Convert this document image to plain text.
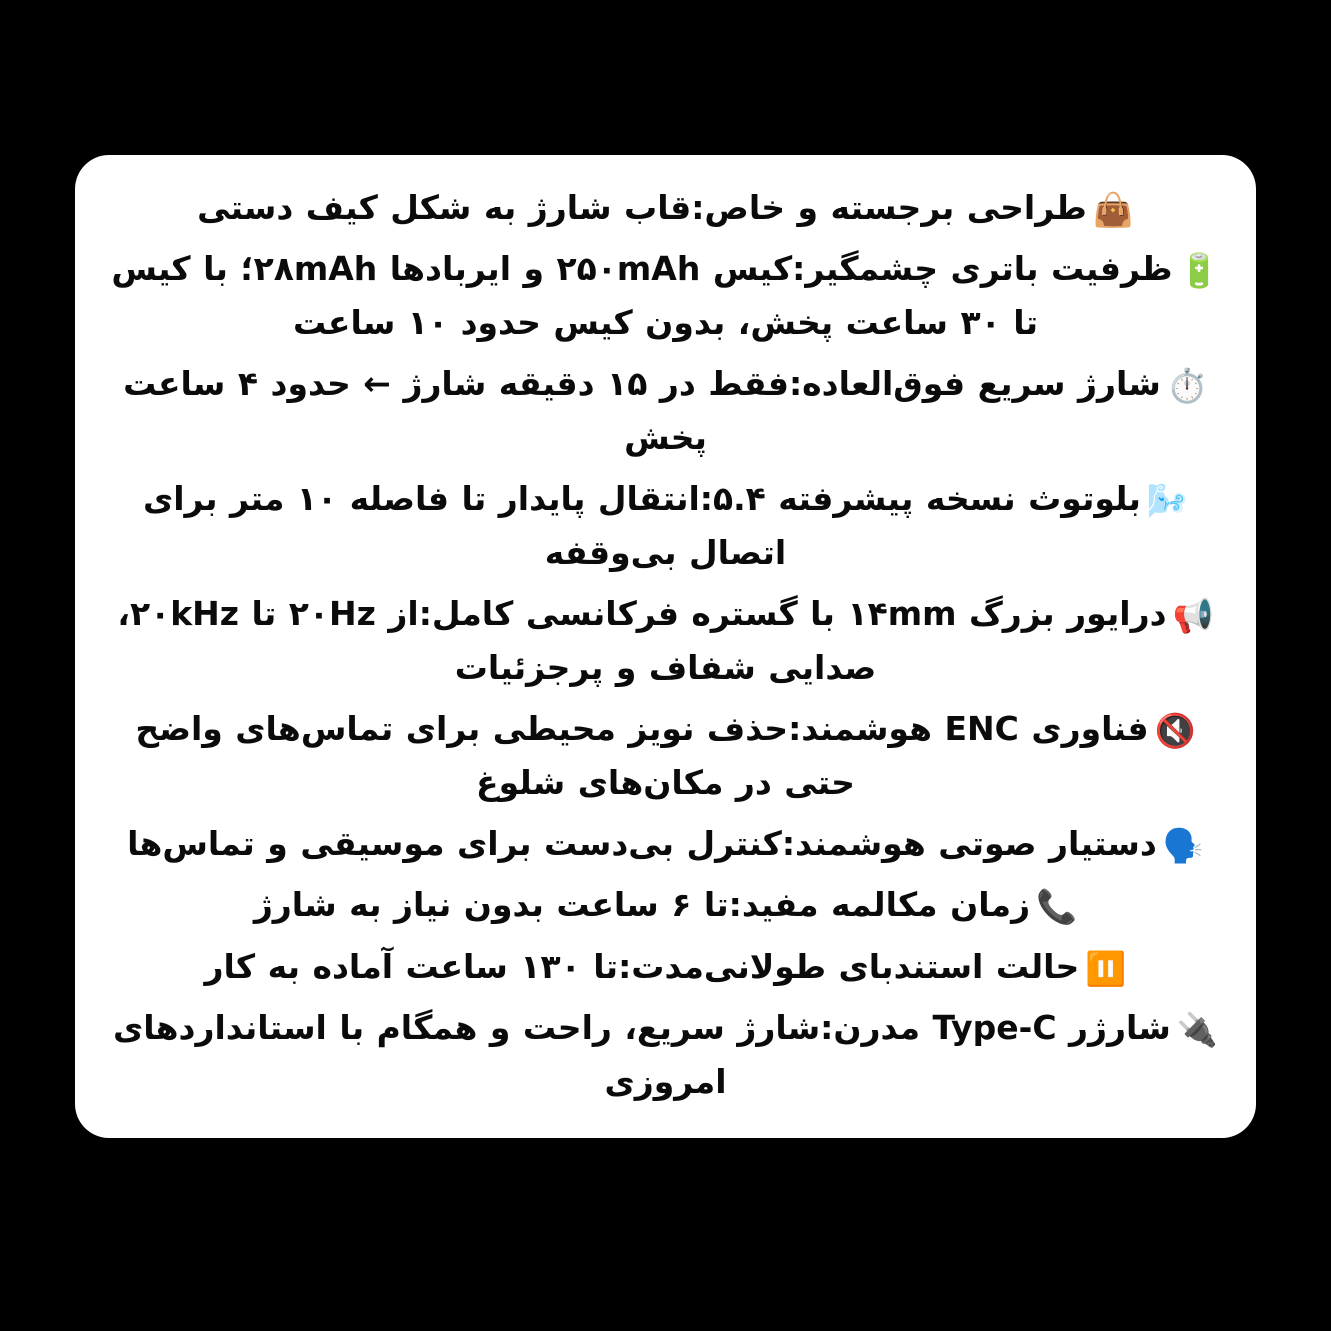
👜طراحی برجسته و خاص:قاب شارژ به شکل کیف دستی
🔋ظرفیت باتری چشمگیر:کیس ۲۵۰mAh و ایربادها ۲۸mAh؛ با کیس تا ۳۰ ساعت پخش، بدون کیس حدود ۱۰ ساعت
⏱️شارژ سریع فوق‌العاده:فقط در ۱۵ دقیقه شارژ ← حدود ۴ ساعت پخش
🌬️بلوتوث نسخه پیشرفته ۵.۴:انتقال پایدار تا فاصله ۱۰ متر برای اتصال بی‌وقفه
📢درایور بزرگ ۱۴mm با گستره فرکانسی کامل:از ۲۰Hz تا ۲۰kHz، صدایی شفاف و پرجزئیات
🔇فناوری ENC هوشمند:حذف نویز محیطی برای تماس‌های واضح حتی در مکان‌های شلوغ
🗣️دستیار صوتی هوشمند:کنترل بی‌دست برای موسیقی و تماس‌ها
📞زمان مکالمه مفید:تا ۶ ساعت بدون نیاز به شارژ
⏸️حالت استندبای طولانی‌مدت:تا ۱۳۰ ساعت آماده به کار
🔌شارژر Type-C مدرن:شارژ سریع، راحت و همگام با استانداردهای امروزی
